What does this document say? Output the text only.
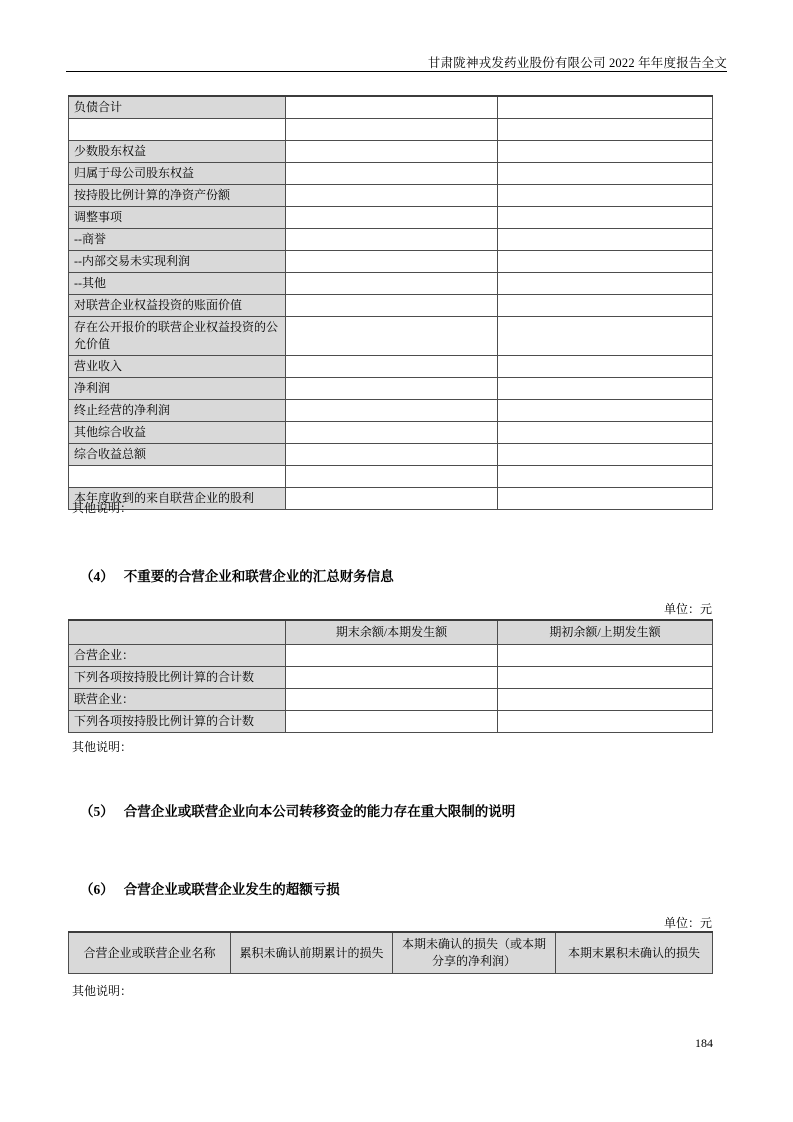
甘肃陇神戎发药业股份有限公司 2022 年年度报告全文
负债合计		

少数股东权益		
归属于母公司股东权益		
按持股比例计算的净资产份额		
调整事项		
--商誉		
--内部交易未实现利润		
--其他		
对联营企业权益投资的账面价值		
存在公开报价的联营企业权益投资的公允价值		
营业收入		
净利润		
终止经营的净利润		
其他综合收益		
综合收益总额		

本年度收到的来自联营企业的股利		
其他说明：
（4） 不重要的合营企业和联营企业的汇总财务信息
单位：元
	期末余额/本期发生额	期初余额/上期发生额
合营企业：		
下列各项按持股比例计算的合计数		
联营企业：		
下列各项按持股比例计算的合计数		
其他说明：
（5） 合营企业或联营企业向本公司转移资金的能力存在重大限制的说明
（6） 合营企业或联营企业发生的超额亏损
单位：元
合营企业或联营企业名称	累积未确认前期累计的损失	本期未确认的损失（或本期分享的净利润）	本期末累积未确认的损失
其他说明：
184
